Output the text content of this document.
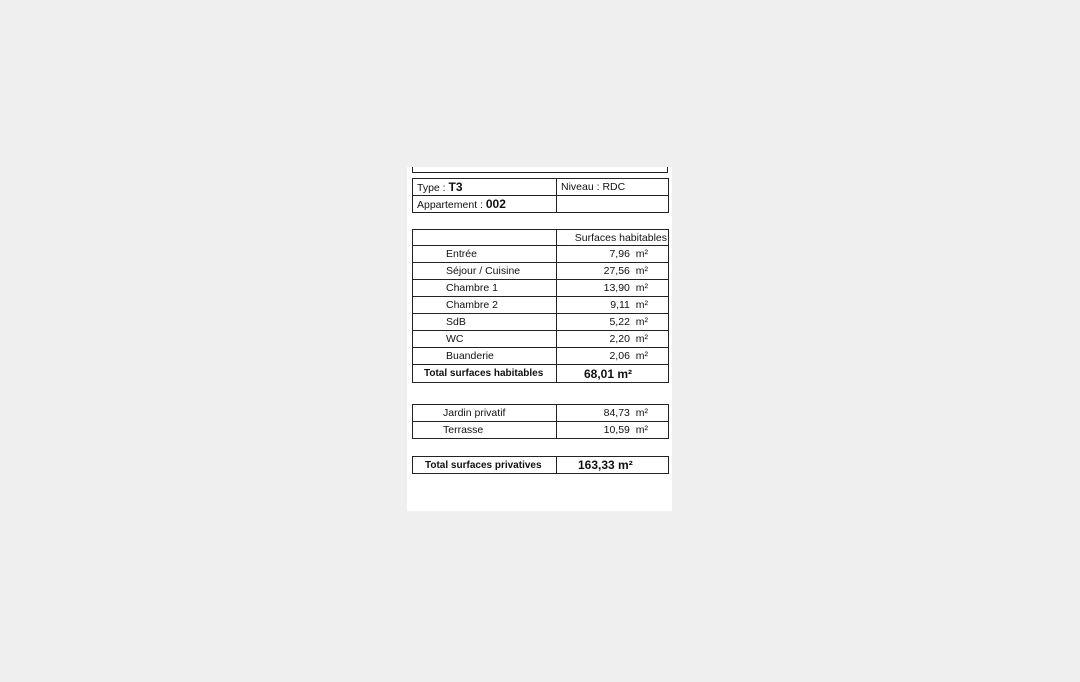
Type : T3	Niveau : RDC
Appartement : 002	
	Surfaces habitables
Entrée	7,96 m²
Séjour / Cuisine	27,56 m²
Chambre 1	13,90 m²
Chambre 2	9,11 m²
SdB	5,22 m²
WC	2,20 m²
Buanderie	2,06 m²
Total surfaces habitables	68,01 m²
Jardin privatif	84,73 m²
Terrasse	10,59 m²
Total surfaces privatives	163,33 m²
